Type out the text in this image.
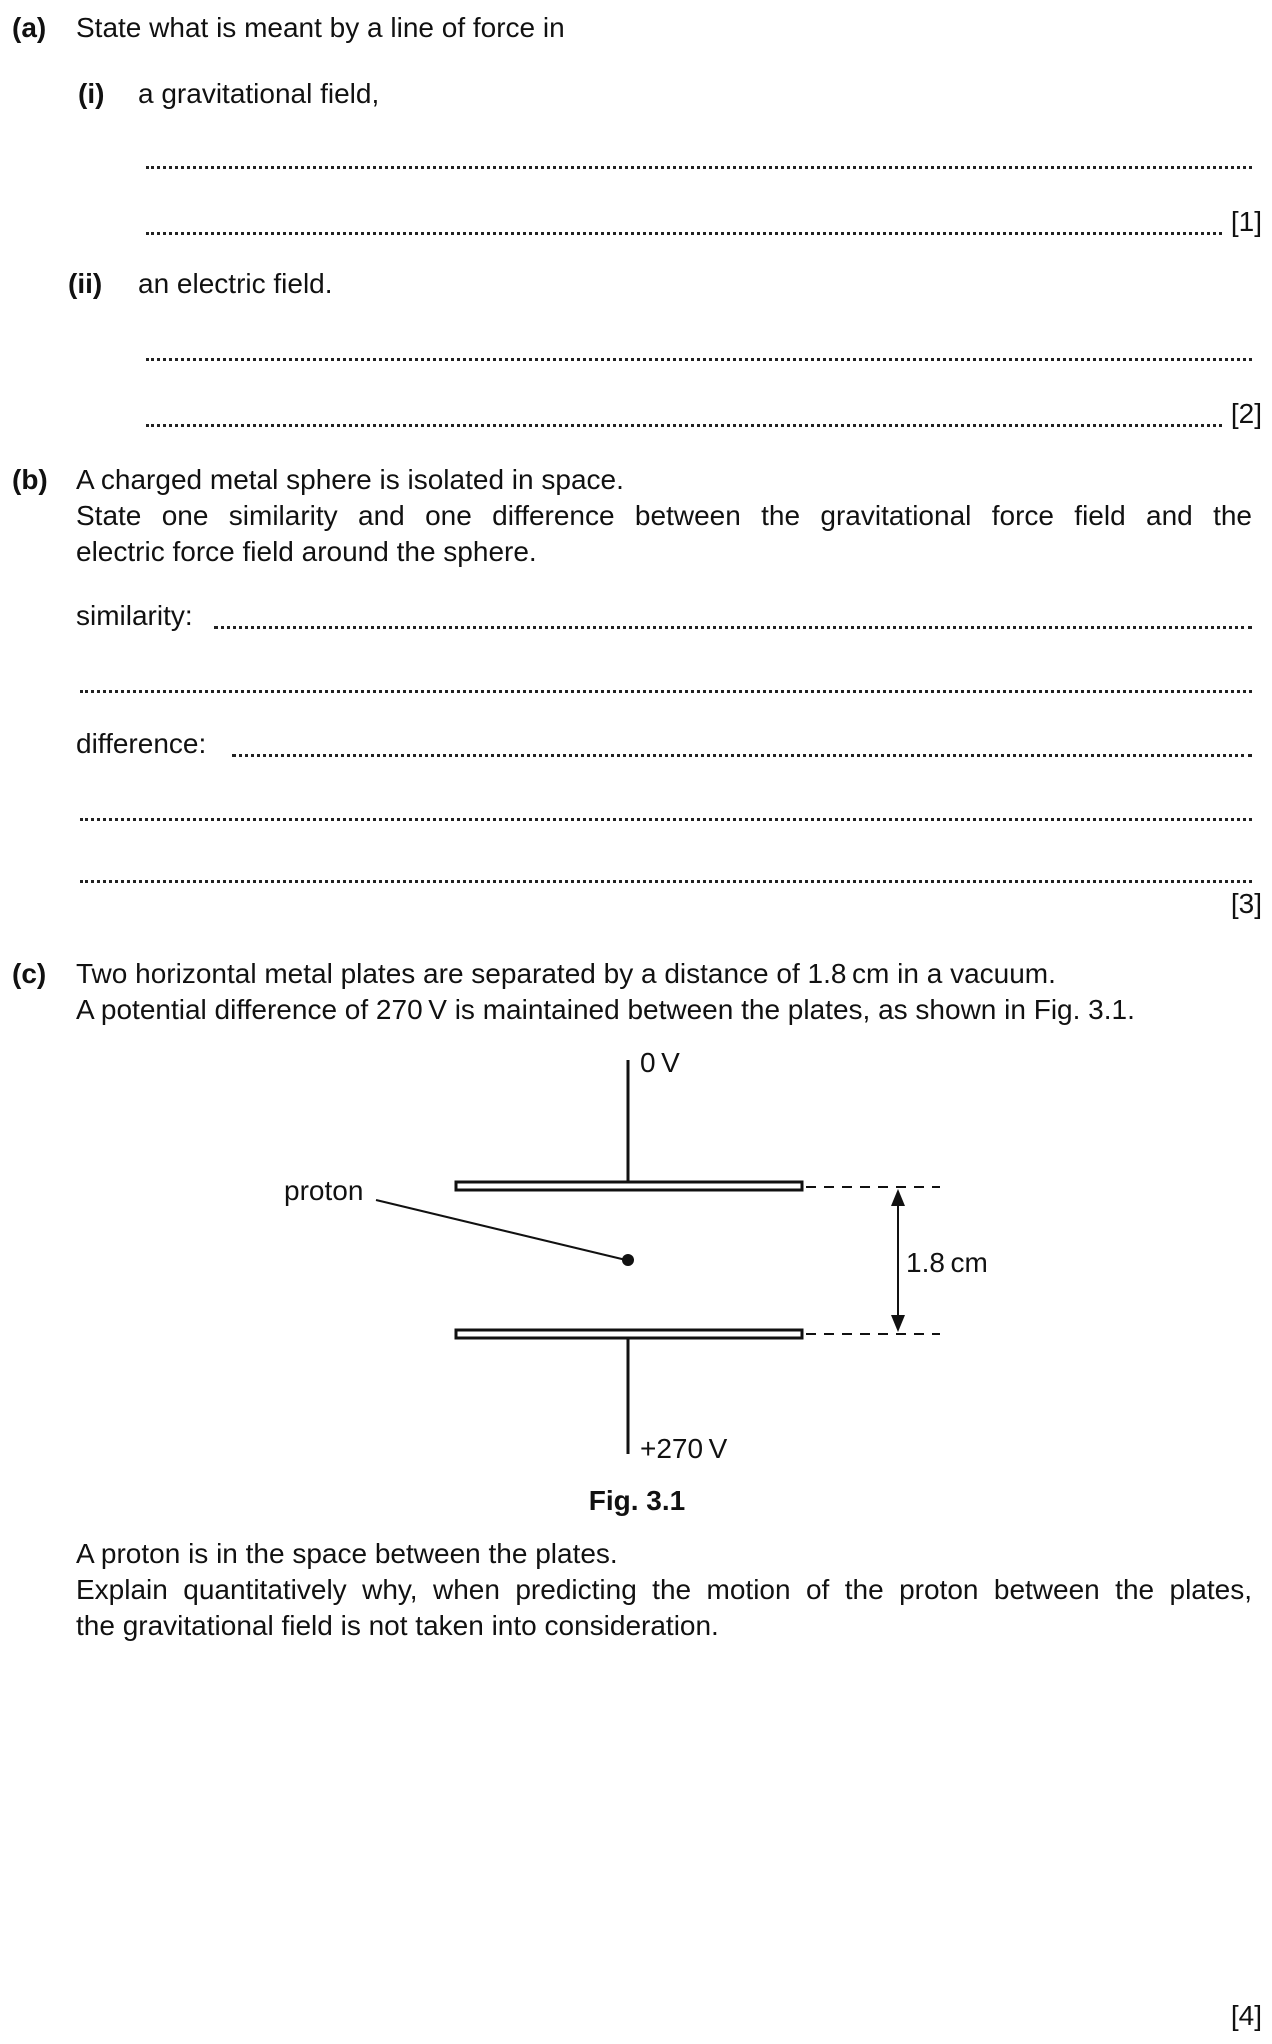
(a) State what is meant by a line of force in
(i) a gravitational field,
[1]
(ii) an electric field.
[2]
(b) A charged metal sphere is isolated in space.
State one similarity and one difference between the gravitational force field and the
electric force field around the sphere.
similarity:
difference:
[3]
(c) Two horizontal metal plates are separated by a distance of 1.8 cm in a vacuum.
A potential difference of 270 V is maintained between the plates, as shown in Fig. 3.1.
0 V
+270 V
proton
1.8 cm
Fig. 3.1
A proton is in the space between the plates.
Explain quantitatively why, when predicting the motion of the proton between the plates,
the gravitational field is not taken into consideration.
[4]
